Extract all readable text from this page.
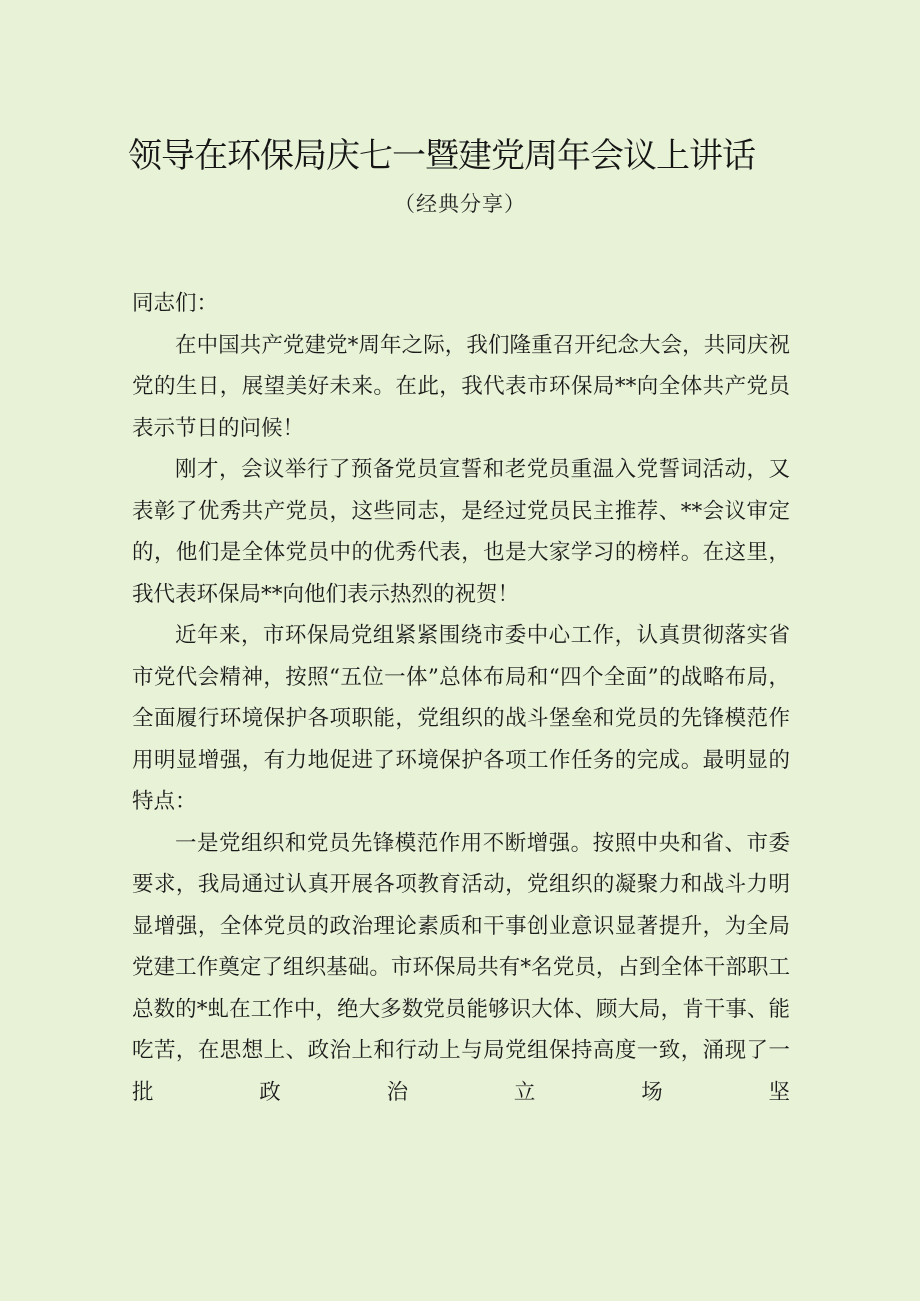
领导在环保局庆七一暨建党周年会议上讲话
（经典分享）

同志们：

在中国共产党建党*周年之际，我们隆重召开纪念大会，共同庆祝党的生日，展望美好未来。在此，我代表市环保局**向全体共产党员表示节日的问候！

刚才，会议举行了预备党员宣誓和老党员重温入党誓词活动，又表彰了优秀共产党员，这些同志，是经过党员民主推荐、**会议审定的，他们是全体党员中的优秀代表，也是大家学习的榜样。在这里，我代表环保局**向他们表示热烈的祝贺！

近年来，市环保局党组紧紧围绕市委中心工作，认真贯彻落实省市党代会精神，按照“五位一体”总体布局和“四个全面”的战略布局，全面履行环境保护各项职能，党组织的战斗堡垒和党员的先锋模范作用明显增强，有力地促进了环境保护各项工作任务的完成。最明显的特点：

一是党组织和党员先锋模范作用不断增强。按照中央和省、市委要求，我局通过认真开展各项教育活动，党组织的凝聚力和战斗力明显增强，全体党员的政治理论素质和干事创业意识显著提升，为全局党建工作奠定了组织基础。市环保局共有*名党员，占到全体干部职工总数的*虬在工作中，绝大多数党员能够识大体、顾大局，肯干事、能吃苦，在思想上、政治上和行动上与局党组保持高度一致，涌现了一批政治立场坚
